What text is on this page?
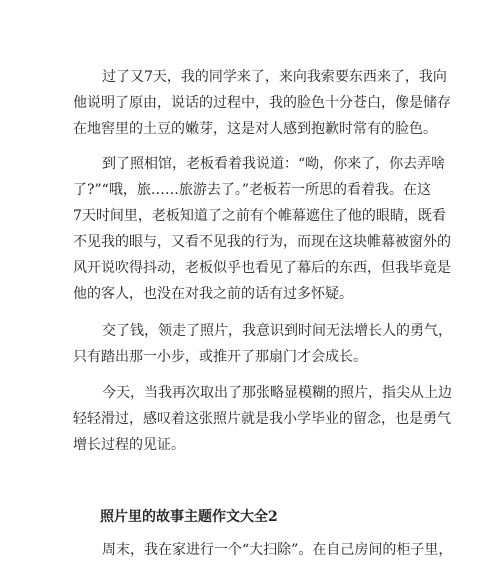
过了又7天，我的同学来了，来向我索要东西来了，我向
他说明了原由，说话的过程中，我的脸色十分苍白，像是储存
在地窖里的土豆的嫩芽，这是对人感到抱歉时常有的脸色。

到了照相馆，老板看着我说道：“呦，你来了，你去弄啥
了?”“哦，旅……旅游去了。”老板若一所思的看着我。在这
7天时间里，老板知道了之前有个帷幕遮住了他的眼睛，既看
不见我的眼与，又看不见我的行为，而现在这块帷幕被窗外的
风开说吹得抖动，老板似乎也看见了幕后的东西，但我毕竟是
他的客人，也没在对我之前的话有过多怀疑。

交了钱，领走了照片，我意识到时间无法增长人的勇气，
只有踏出那一小步，或推开了那扇门才会成长。

今天，当我再次取出了那张略显模糊的照片，指尖从上边
轻轻滑过，感叹着这张照片就是我小学毕业的留念，也是勇气
增长过程的见证。

照片里的故事主题作文大全2

周末，我在家进行一个“大扫除”。在自己房间的柜子里，
